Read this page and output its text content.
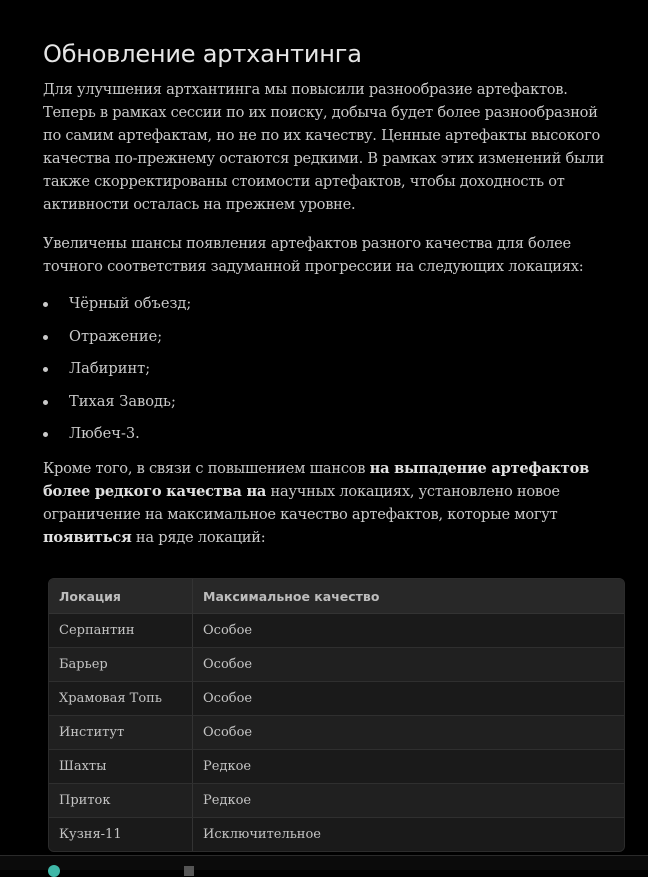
Обновление артхантинга

Для улучшения артхантинга мы повысили разнообразие артефактов. Теперь в рамках сессии по их поиску, добыча будет более разнообразной по самим артефактам, но не по их качеству. Ценные артефакты высокого качества по-прежнему остаются редкими. В рамках этих изменений были также скорректированы стоимости артефактов, чтобы доходность от активности осталась на прежнем уровне.

Увеличены шансы появления артефактов разного качества для более точного соответствия задуманной прогрессии на следующих локациях:

Чёрный объезд;
Отражение;
Лабиринт;
Тихая Заводь;
Любеч-3.

Кроме того, в связи с повышением шансов на выпадение артефактов более редкого качества на научных локациях, установлено новое ограничение на максимальное качество артефактов, которые могут появиться на ряде локаций:

Локация	Максимальное качество
Серпантин	Особое
Барьер	Особое
Храмовая Топь	Особое
Институт	Особое
Шахты	Редкое
Приток	Редкое
Кузня-11	Исключительное
